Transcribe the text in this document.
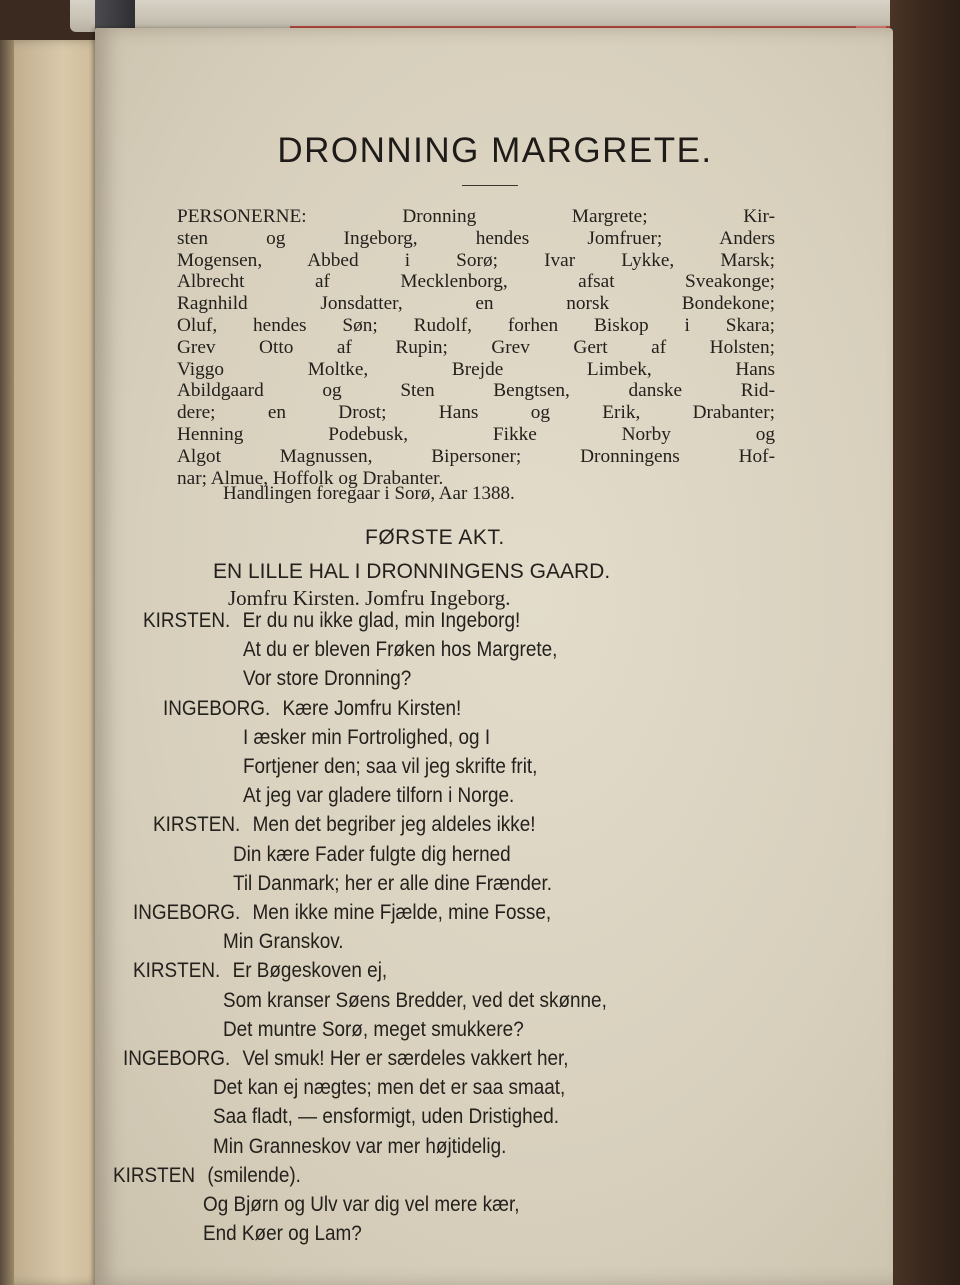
DRONNING MARGRETE.
PERSONERNE: Dronning Margrete; Kir-
sten og Ingeborg, hendes Jomfruer; Anders
Mogensen, Abbed i Sorø; Ivar Lykke, Marsk;
Albrecht af Mecklenborg, afsat Sveakonge;
Ragnhild Jonsdatter, en norsk Bondekone;
Oluf, hendes Søn; Rudolf, forhen Biskop i Skara;
Grev Otto af Rupin; Grev Gert af Holsten;
Viggo Moltke, Brejde Limbek, Hans
Abildgaard og Sten Bengtsen, danske Rid-
dere; en Drost; Hans og Erik, Drabanter;
Henning Podebusk, Fikke Norby og
Algot Magnussen, Bipersoner; Dronningens Hof-
nar; Almue, Hoffolk og Drabanter.
Handlingen foregaar i Sorø, Aar 1388.
FØRSTE AKT.
EN LILLE HAL I DRONNINGENS GAARD.
Jomfru Kirsten. Jomfru Ingeborg.
KIRSTEN. Er du nu ikke glad, min Ingeborg!
At du er bleven Frøken hos Margrete,
Vor store Dronning?
INGEBORG. Kære Jomfru Kirsten!
I æsker min Fortrolighed, og I
Fortjener den; saa vil jeg skrifte frit,
At jeg var gladere tilforn i Norge.
KIRSTEN. Men det begriber jeg aldeles ikke!
Din kære Fader fulgte dig herned
Til Danmark; her er alle dine Frænder.
INGEBORG. Men ikke mine Fjælde, mine Fosse,
Min Granskov.
KIRSTEN. Er Bøgeskoven ej,
Som kranser Søens Bredder, ved det skønne,
Det muntre Sorø, meget smukkere?
INGEBORG. Vel smuk! Her er særdeles vakkert her,
Det kan ej nægtes; men det er saa smaat,
Saa fladt, — ensformigt, uden Dristighed.
Min Granneskov var mer højtidelig.
KIRSTEN (smilende).
Og Bjørn og Ulv var dig vel mere kær,
End Køer og Lam?
